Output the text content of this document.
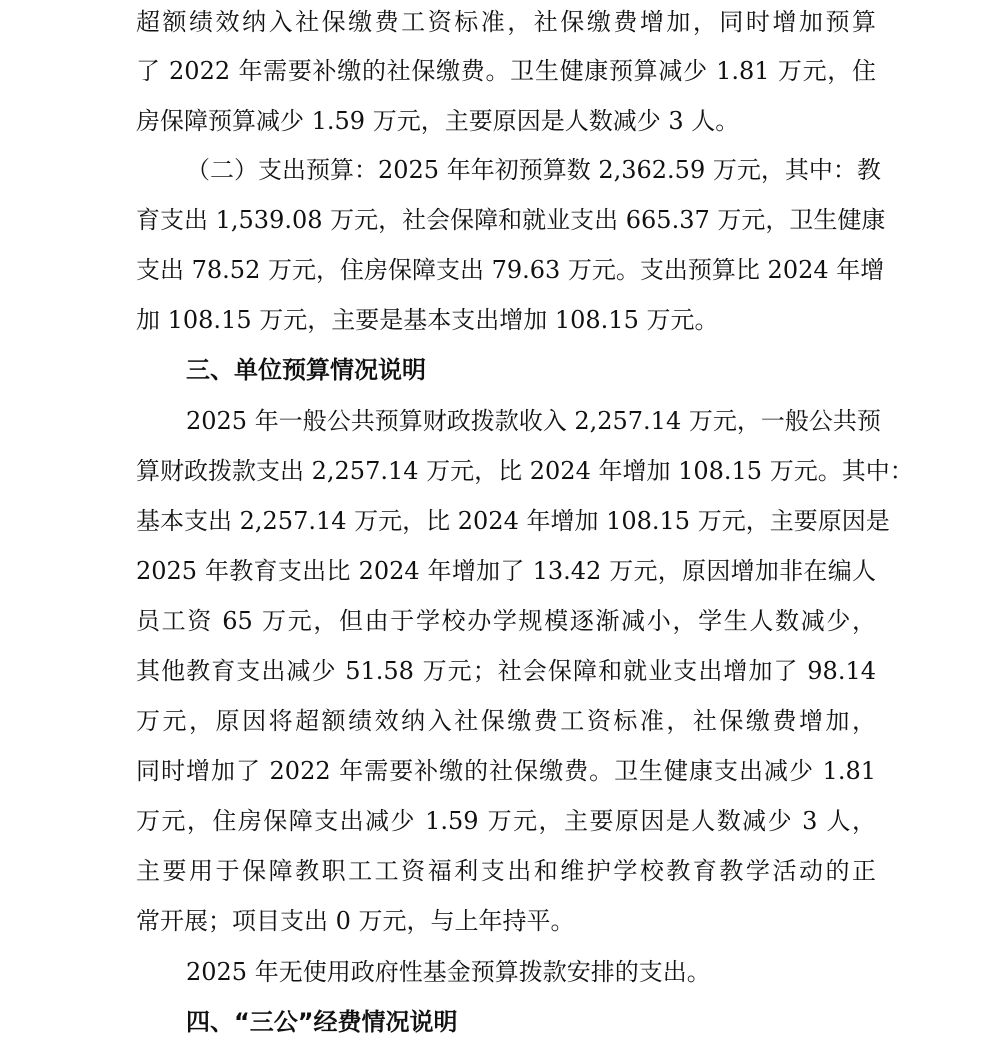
超额绩效纳入社保缴费工资标准，社保缴费增加，同时增加预算
了 2022 年需要补缴的社保缴费。卫生健康预算减少 1.81 万元，住
房保障预算减少 1.59 万元，主要原因是人数减少 3 人。
（二）支出预算：2025 年年初预算数 2,362.59 万元，其中：教
育支出 1,539.08 万元，社会保障和就业支出 665.37 万元，卫生健康
支出 78.52 万元，住房保障支出 79.63 万元。支出预算比 2024 年增
加 108.15 万元，主要是基本支出增加 108.15 万元。
三、单位预算情况说明
2025 年一般公共预算财政拨款收入 2,257.14 万元，一般公共预
算财政拨款支出 2,257.14 万元，比 2024 年增加 108.15 万元。其中：
基本支出 2,257.14 万元，比 2024 年增加 108.15 万元，主要原因是
2025 年教育支出比 2024 年增加了 13.42 万元，原因增加非在编人
员工资 65 万元，但由于学校办学规模逐渐减小，学生人数减少，
其他教育支出减少 51.58 万元；社会保障和就业支出增加了 98.14
万元，原因将超额绩效纳入社保缴费工资标准，社保缴费增加，
同时增加了 2022 年需要补缴的社保缴费。卫生健康支出减少 1.81
万元，住房保障支出减少 1.59 万元，主要原因是人数减少 3 人，
主要用于保障教职工工资福利支出和维护学校教育教学活动的正
常开展；项目支出 0 万元，与上年持平。
2025 年无使用政府性基金预算拨款安排的支出。
四、“三公”经费情况说明
